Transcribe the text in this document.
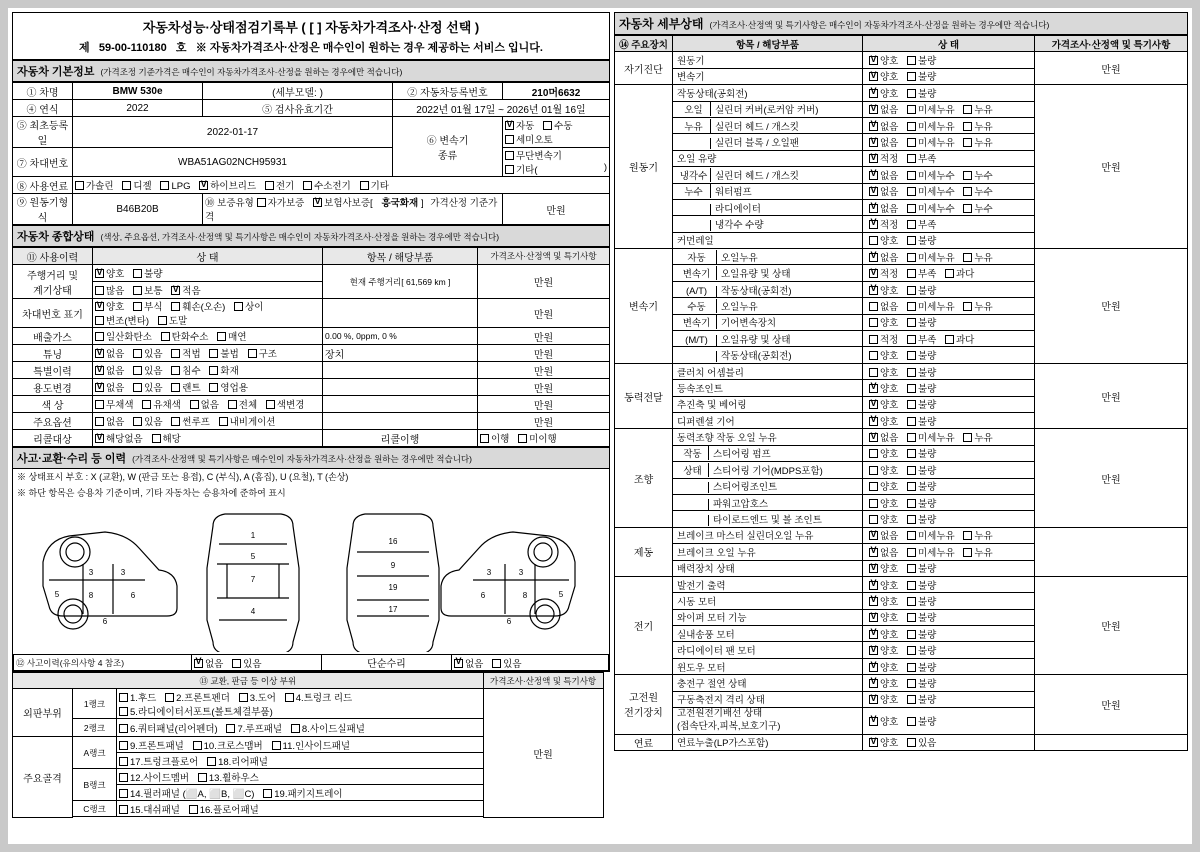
자동차성능·상태점검기록부 ( [ ] 자동차가격조사·산정 선택 )
제 59-00-110180 호 ※ 자동차가격조사·산정은 매수인이 원하는 경우 제공하는 서비스 입니다.
자동차 기본정보 (가격조정 기준가격은 매수인이 자동차가격조사·산정을 원하는 경우에만 적습니다)
① 차명	BMW 530e	(세부모델: )	② 자동차등록번호	210머6632
④ 연식	2022	⑤ 검사유효기간	2022년 01월 17일 ~ 2026년 01월 16일	
⑤ 최초등록일	2022-01-17		⑥ 변속기
종류	V자동 수동 세미오토
⑦ 차대번호	WBA51AG02NCH95931			무단변속기 기타( )

⑧ 사용연료	가솔린 디젤 LPG V 하이브리드 전기 수소전기 기타
⑨ 원동기형식	B46B20B	⑩ 보증유형 자가보증 V 보험사보증[ 흥국화재 ] 가격산정 기준가격		만원
자동차 종합상태 (색상, 주요옵션, 가격조사·산정액 및 특기사항은 매수인이 자동차가격조사·산정을 원하는 경우에만 적습니다)
⑪ 사용이력	상 태	항목 / 해당부품	가격조사·산정액 및 특기사항
주행거리 및
계기상태	V양호 불량	현재 주행거리[ 61,569 km ]	만원
	많음 보통 V 적음
차대번호 표기	V양호 부식 훼손(오손) 상이 변조(변타) 도말		만원
배출가스	일산화탄소 탄화수소 매연	0.00 %, 0ppm, 0 %	만원
튜닝	V없음 있음 적법 불법 구조	장치	만원
특별이력	V없음 있음 침수 화재		만원
용도변경	V없음 있음 랜트 영업용		만원
색 상	무채색 유채색 없음 전체 색변경		만원
주요옵션	없음 있음 썬루프 내비게이션		만원
리콜대상	V해당없음 해당	리콜이행	이행 미이행
사고·교환·수리 등 이력 (가격조사·산정액 및 특기사항은 매수인이 자동차가격조사·산정을 원하는 경우에만 적습니다)
※ 상태표시 부호 : X (교환), W (판금 또는 용접), C (부식), A (흠집), U (요철), T (손상)
※ 하단 항목은 승용차 기준이며, 기타 자동차는 승용차에 준하여 표시
3	3
5	8	6
6
1
5
7
4
16
9
19
17
3	3
5
8
6
6
⑫ 사고이력(유의사항 4 참조)	V없음 있음	단순수리	V없음 있음
⑬ 교환, 판금 등 이상 부위			가격조사·산정액 및 특기사항	
외판부위	1랭크	1.후드 2.프론트펜더 3.도어 4.트렁크 리드
5.라디에이터서포트(볼트체결부품)	만원	
	2랭크	6.쿼터패널(리어펜더) 7.루프패널 8.사이드실패널		
주요골격	A랭크	9.프론트패널 10.크로스맴버 11.인사이드패널		
		17.트렁크플로어 18.리어패널		
	B랭크	12.사이드멤버 13.휠하우스		
		14.필러패널 (⬜A, ⬜B, ⬜C) 19.패키지트레이		
	C랭크	15.대쉬패널 16.플로어패널		

자동차 세부상태 (가격조사·산정액 및 특기사항은 매수인이 자동차가격조사·산정을 원하는 경우에만 적습니다)
⑭ 주요장치	항목 / 해당부품	상 태	가격조사·산정액 및 특기사항
자기진단	원동기	V양호 불량	만원
	변속기	V양호 불량
원동기	작동상태(공회전)	V양호 불량	만원
	오일 실린더 커버(로커암 커버)	V없음 미세누유 누유
	누유 실린더 헤드 / 개스킷	V없음 미세누유 누유
	실린더 블록 / 오일팬	V없음 미세누유 누유
	오일 유량	V적정 부족
	냉각수 실린더 헤드 / 개스킷	V없음 미세누수 누수
	누수 워터펌프	V없음 미세누수 누수
	라디에이터	V없음 미세누수 누수
	냉각수 수량	V적정 부족
	커먼레일	양호 불량	
변속기	자동 오일누유	V없음 미세누유 누유	만원
	변속기 오일유량 및 상태	V적정 부족 과다
	(A/T) 작동상태(공회전)	V양호 불량
	수동 오일누유	없음 미세누유 누유	
	변속기 기어변속장치	양호 불량	
	(M/T) 오일유량 및 상태	적정 부족 과다	
	작동상태(공회전)	양호 불량	
동력전달	클러치 어셈블리	양호 불량	만원
	등속조인트	V양호 불량
	추진축 및 베어링	V양호 불량
	디퍼렌셜 기어	V양호 불량
조향	동력조향 작동 오일 누유	V없음 미세누유 누유	만원
	작동 스티어링 펌프	양호 불량	
	상태 스티어링 기어(MDPS포함)	양호 불량	
	스티어링조인트	양호 불량	
	파워고압호스	양호 불량	
	타이로드엔드 및 볼 조인트	양호 불량	
제동	브레이크 마스터 실린더오일 누유	V없음 미세누유 누유	
	브레이크 오일 누유	V없음 미세누유 누유
	배력장치 상태	V양호 불량
전기	발전기 출력	V양호 불량	만원
	시동 모터	V양호 불량
	와이퍼 모터 기능	V양호 불량
	실내송풍 모터	V양호 불량
	라디에이터 팬 모터	V양호 불량
	윈도우 모터	V양호 불량
고전원
전기장치	충전구 절연 상태	V양호 불량	만원
	구동축전지 격리 상태	V양호 불량
	고전원전기배선 상태
(접속단자,피복,보호기구)	V양호 불량
연료	연료누출(LP가스포함)	V양호 있음	
